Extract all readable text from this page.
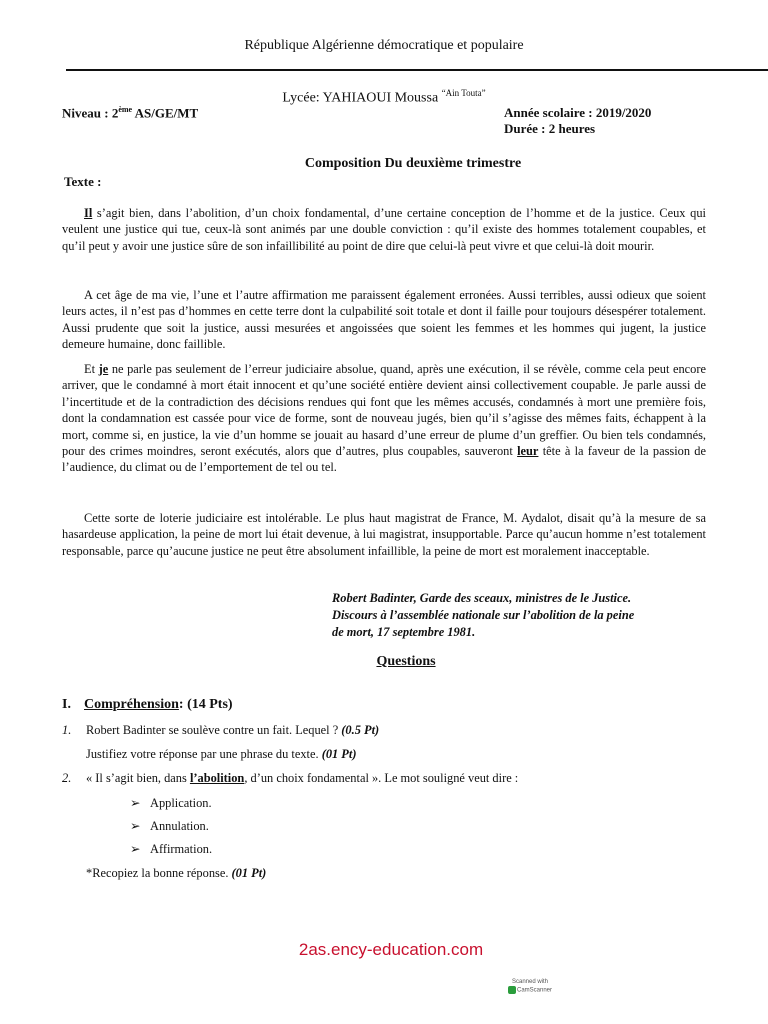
République Algérienne démocratique et populaire
Lycée: YAHIAOUI Moussa $^{“Ain Touta”}$
Niveau : 2ème AS/GE/MT	Année scolaire : 2019/2020
Durée : 2 heures
Composition Du deuxième trimestre
Texte :

Il s’agit bien, dans l’abolition, d’un choix fondamental, d’une certaine conception de l’homme et de la justice. Ceux qui veulent une justice qui tue, ceux-là sont animés par une double conviction : qu’il existe des hommes totalement coupables, et qu’il peut y avoir une justice sûre de son infaillibilité au point de dire que celui-là peut vivre et que celui-là doit mourir.

A cet âge de ma vie, l’une et l’autre affirmation me paraissent également erronées. Aussi terribles, aussi odieux que soient leurs actes, il n’est pas d’hommes en cette terre dont la culpabilité soit totale et dont il faille pour toujours désespérer totalement. Aussi prudente que soit la justice, aussi mesurées et angoissées que soient les femmes et les hommes qui jugent, la justice demeure humaine, donc faillible.

Et je ne parle pas seulement de l’erreur judiciaire absolue, quand, après une exécution, il se révèle, comme cela peut encore arriver, que le condamné à mort était innocent et qu’une société entière devient ainsi collectivement coupable. Je parle aussi de l’incertitude et de la contradiction des décisions rendues qui font que les mêmes accusés, condamnés à mort une première fois, dont la condamnation est cassée pour vice de forme, sont de nouveau jugés, bien qu’il s’agisse des mêmes faits, échappent à la mort, comme si, en justice, la vie d’un homme se jouait au hasard d’une erreur de plume d’un greffier. Ou bien tels condamnés, pour des crimes moindres, seront exécutés, alors que d’autres, plus coupables, sauveront leur tête à la faveur de la passion de l’audience, du climat ou de l’emportement de tel ou tel.

Cette sorte de loterie judiciaire est intolérable. Le plus haut magistrat de France, M. Aydalot, disait qu’à la mesure de sa hasardeuse application, la peine de mort lui était devenue, à lui magistrat, insupportable. Parce qu’aucun homme n’est totalement responsable, parce qu’aucune justice ne peut être absolument infaillible, la peine de mort est moralement inacceptable.

Robert Badinter, Garde des sceaux, ministres de le Justice.
Discours à l’assemblée nationale sur l’abolition de la peine
de mort, 17 septembre 1981.
Questions
I. Compréhension: (14 Pts)
1. Robert Badinter se soulève contre un fait. Lequel ? (0.5 Pt)
Justifiez votre réponse par une phrase du texte. (01 Pt)
2. « Il s’agit bien, dans l’abolition, d’un choix fondamental ». Le mot souligné veut dire :
➢ Application.
➢ Annulation.
➢ Affirmation.
*Recopiez la bonne réponse. (01 Pt)
2as.ency-education.com
Scanned with
CamScanner
